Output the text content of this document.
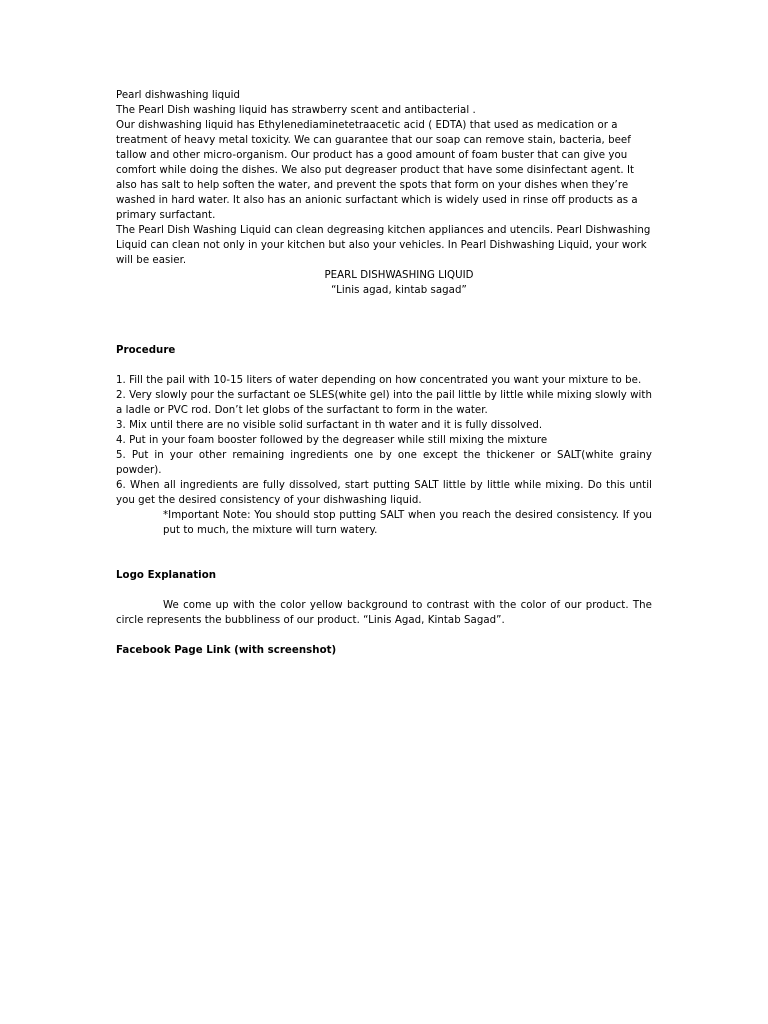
Pearl dishwashing liquid

The Pearl Dish washing liquid has strawberry scent and antibacterial .

Our dishwashing liquid has Ethylenediaminetetraacetic acid ( EDTA) that used as medication or a treatment of heavy metal toxicity. We can guarantee that our soap can remove stain, bacteria, beef tallow and other micro-organism. Our product has a good amount of foam buster that can give you comfort while doing the dishes. We also put degreaser product that have some disinfectant agent. It also has salt to help soften the water, and prevent the spots that form on your dishes when they’re washed in hard water. It also has an anionic surfactant which is widely used in rinse off products as a primary surfactant.

The Pearl Dish Washing Liquid can clean degreasing kitchen appliances and utencils. Pearl Dishwashing Liquid can clean not only in your kitchen but also your vehicles. In Pearl Dishwashing Liquid, your work will be easier.

PEARL DISHWASHING LIQUID

“Linis agad, kintab sagad”

Procedure

1. Fill the pail with 10-15 liters of water depending on how concentrated you want your mixture to be.

2. Very slowly pour the surfactant oe SLES(white gel) into the pail little by little while mixing slowly with a ladle or PVC rod. Don’t let globs of the surfactant to form in the water.

3. Mix until there are no visible solid surfactant in th water and it is fully dissolved.

4. Put in your foam booster followed by the degreaser while still mixing the mixture

5. Put in your other remaining ingredients one by one except the thickener or SALT(white grainy powder).

6. When all ingredients are fully dissolved, start putting SALT little by little while mixing. Do this until you get the desired consistency of your dishwashing liquid.

*Important Note: You should stop putting SALT when you reach the desired consistency. If you put to much, the mixture will turn watery.

Logo Explanation

We come up with the color yellow background to contrast with the color of our product. The circle represents the bubbliness of our product. “Linis Agad, Kintab Sagad”.

Facebook Page Link (with screenshot)
